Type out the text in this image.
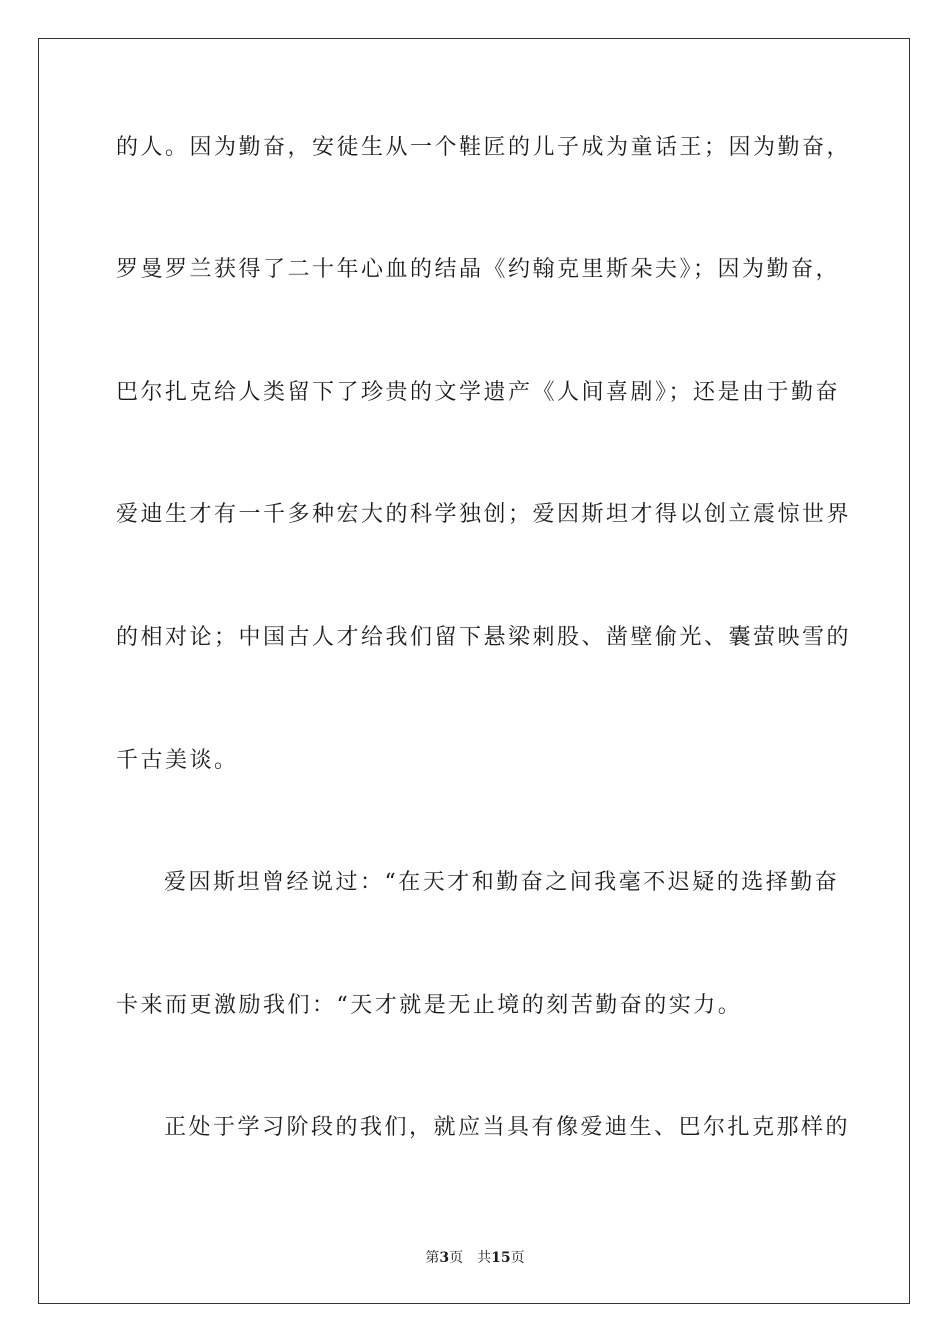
的人。因为勤奋，安徒生从一个鞋匠的儿子成为童话王；因为勤奋，
罗曼罗兰获得了二十年心血的结晶《约翰克里斯朵夫》；因为勤奋，
巴尔扎克给人类留下了珍贵的文学遗产《人间喜剧》；还是由于勤奋
爱迪生才有一千多种宏大的科学独创；爱因斯坦才得以创立震惊世界
的相对论；中国古人才给我们留下悬梁刺股、凿壁偷光、囊萤映雪的
千古美谈。
爱因斯坦曾经说过：“在天才和勤奋之间我毫不迟疑的选择勤奋
卡来而更激励我们：“天才就是无止境的刻苦勤奋的实力。
正处于学习阶段的我们，就应当具有像爱迪生、巴尔扎克那样的
第3页 共15页
